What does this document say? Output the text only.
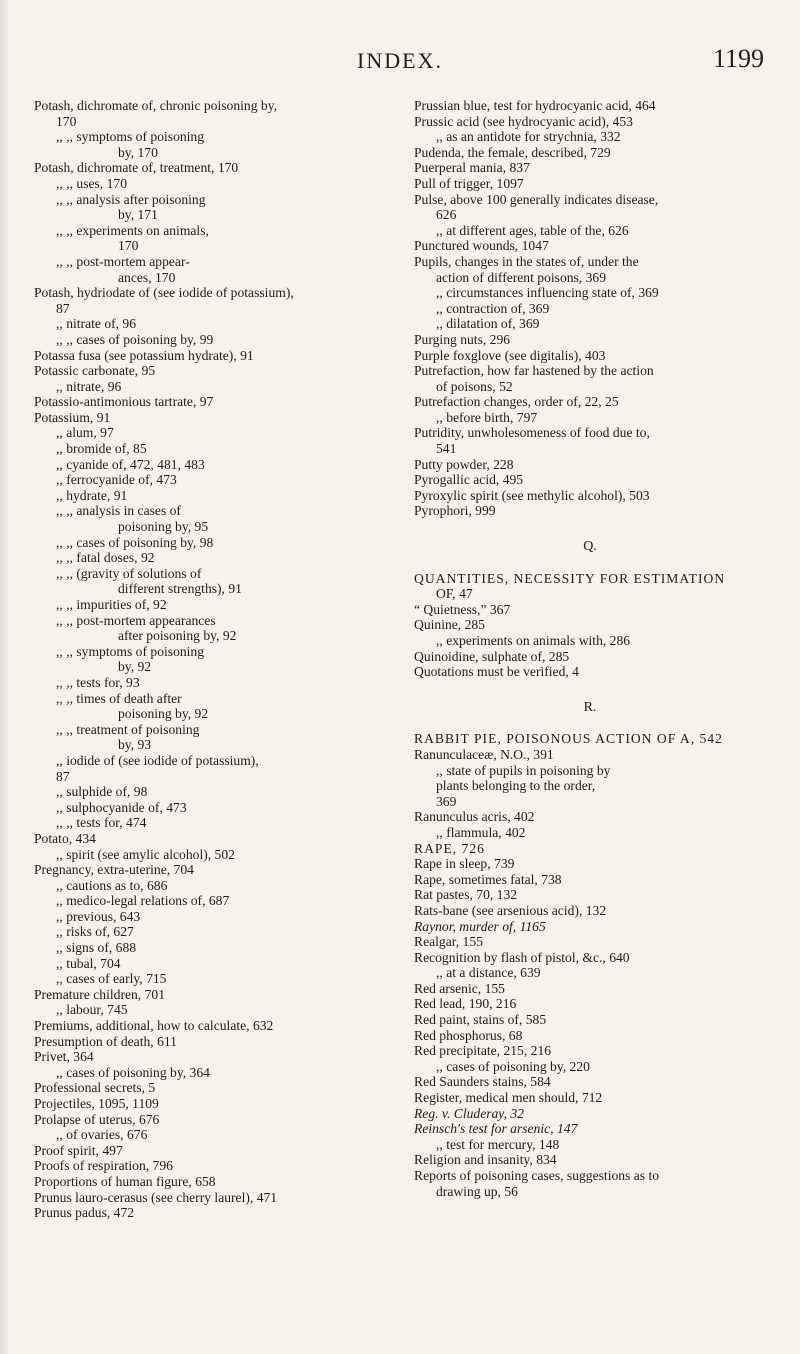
INDEX.	1199
Potash, dichromate of, chronic poisoning by,
170
,, ,, symptoms of poisoning
by, 170
Potash, dichromate of, treatment, 170
,, ,, uses, 170
,, ,, analysis after poisoning
by, 171
,, ,, experiments on animals,
170
,, ,, post-mortem appear-
ances, 170
Potash, hydriodate of (see iodide of potassium),
87
,, nitrate of, 96
,, ,, cases of poisoning by, 99
Potassa fusa (see potassium hydrate), 91
Potassic carbonate, 95
,, nitrate, 96
Potassio-antimonious tartrate, 97
Potassium, 91
,, alum, 97
,, bromide of, 85
,, cyanide of, 472, 481, 483
,, ferrocyanide of, 473
,, hydrate, 91
,, ,, analysis in cases of
poisoning by, 95
,, ,, cases of poisoning by, 98
,, ,, fatal doses, 92
,, ,, (gravity of solutions of
different strengths), 91
,, ,, impurities of, 92
,, ,, post-mortem appearances
after poisoning by, 92
,, ,, symptoms of poisoning
by, 92
,, ,, tests for, 93
,, ,, times of death after
poisoning by, 92
,, ,, treatment of poisoning
by, 93
,, iodide of (see iodide of potassium),
87
,, sulphide of, 98
,, sulphocyanide of, 473
,, ,, tests for, 474
Potato, 434
,, spirit (see amylic alcohol), 502
Pregnancy, extra-uterine, 704
,, cautions as to, 686
,, medico-legal relations of, 687
,, previous, 643
,, risks of, 627
,, signs of, 688
,, tubal, 704
,, cases of early, 715
Premature children, 701
,, labour, 745
Premiums, additional, how to calculate, 632
Presumption of death, 611
Privet, 364
,, cases of poisoning by, 364
Professional secrets, 5
Projectiles, 1095, 1109
Prolapse of uterus, 676
,, of ovaries, 676
Proof spirit, 497
Proofs of respiration, 796
Proportions of human figure, 658
Prunus lauro-cerasus (see cherry laurel), 471
Prunus padus, 472
Prussian blue, test for hydrocyanic acid, 464
Prussic acid (see hydrocyanic acid), 453
,, as an antidote for strychnia, 332
Pudenda, the female, described, 729
Puerperal mania, 837
Pull of trigger, 1097
Pulse, above 100 generally indicates disease,
626
,, at different ages, table of the, 626
Punctured wounds, 1047
Pupils, changes in the states of, under the
action of different poisons, 369
,, circumstances influencing state of, 369
,, contraction of, 369
,, dilatation of, 369
Purging nuts, 296
Purple foxglove (see digitalis), 403
Putrefaction, how far hastened by the action
of poisons, 52
Putrefaction changes, order of, 22, 25
,, before birth, 797
Putridity, unwholesomeness of food due to,
541
Putty powder, 228
Pyrogallic acid, 495
Pyroxylic spirit (see methylic alcohol), 503
Pyrophori, 999
Q.
QUANTITIES, NECESSITY FOR ESTIMATION
OF, 47
“ Quietness,” 367
Quinine, 285
,, experiments on animals with, 286
Quinoidine, sulphate of, 285
Quotations must be verified, 4
R.
RABBIT PIE, POISONOUS ACTION OF A, 542
Ranunculaceæ, N.O., 391
,, state of pupils in poisoning by
plants belonging to the order,
369
Ranunculus acris, 402
,, flammula, 402
RAPE, 726
Rape in sleep, 739
Rape, sometimes fatal, 738
Rat pastes, 70, 132
Rats-bane (see arsenious acid), 132
Raynor, murder of, 1165
Realgar, 155
Recognition by flash of pistol, &c., 640
,, at a distance, 639
Red arsenic, 155
Red lead, 190, 216
Red paint, stains of, 585
Red phosphorus, 68
Red precipitate, 215, 216
,, cases of poisoning by, 220
Red Saunders stains, 584
Register, medical men should, 712
Reg. v. Cluderay, 32
Reinsch's test for arsenic, 147
,, test for mercury, 148
Religion and insanity, 834
Reports of poisoning cases, suggestions as to
drawing up, 56
